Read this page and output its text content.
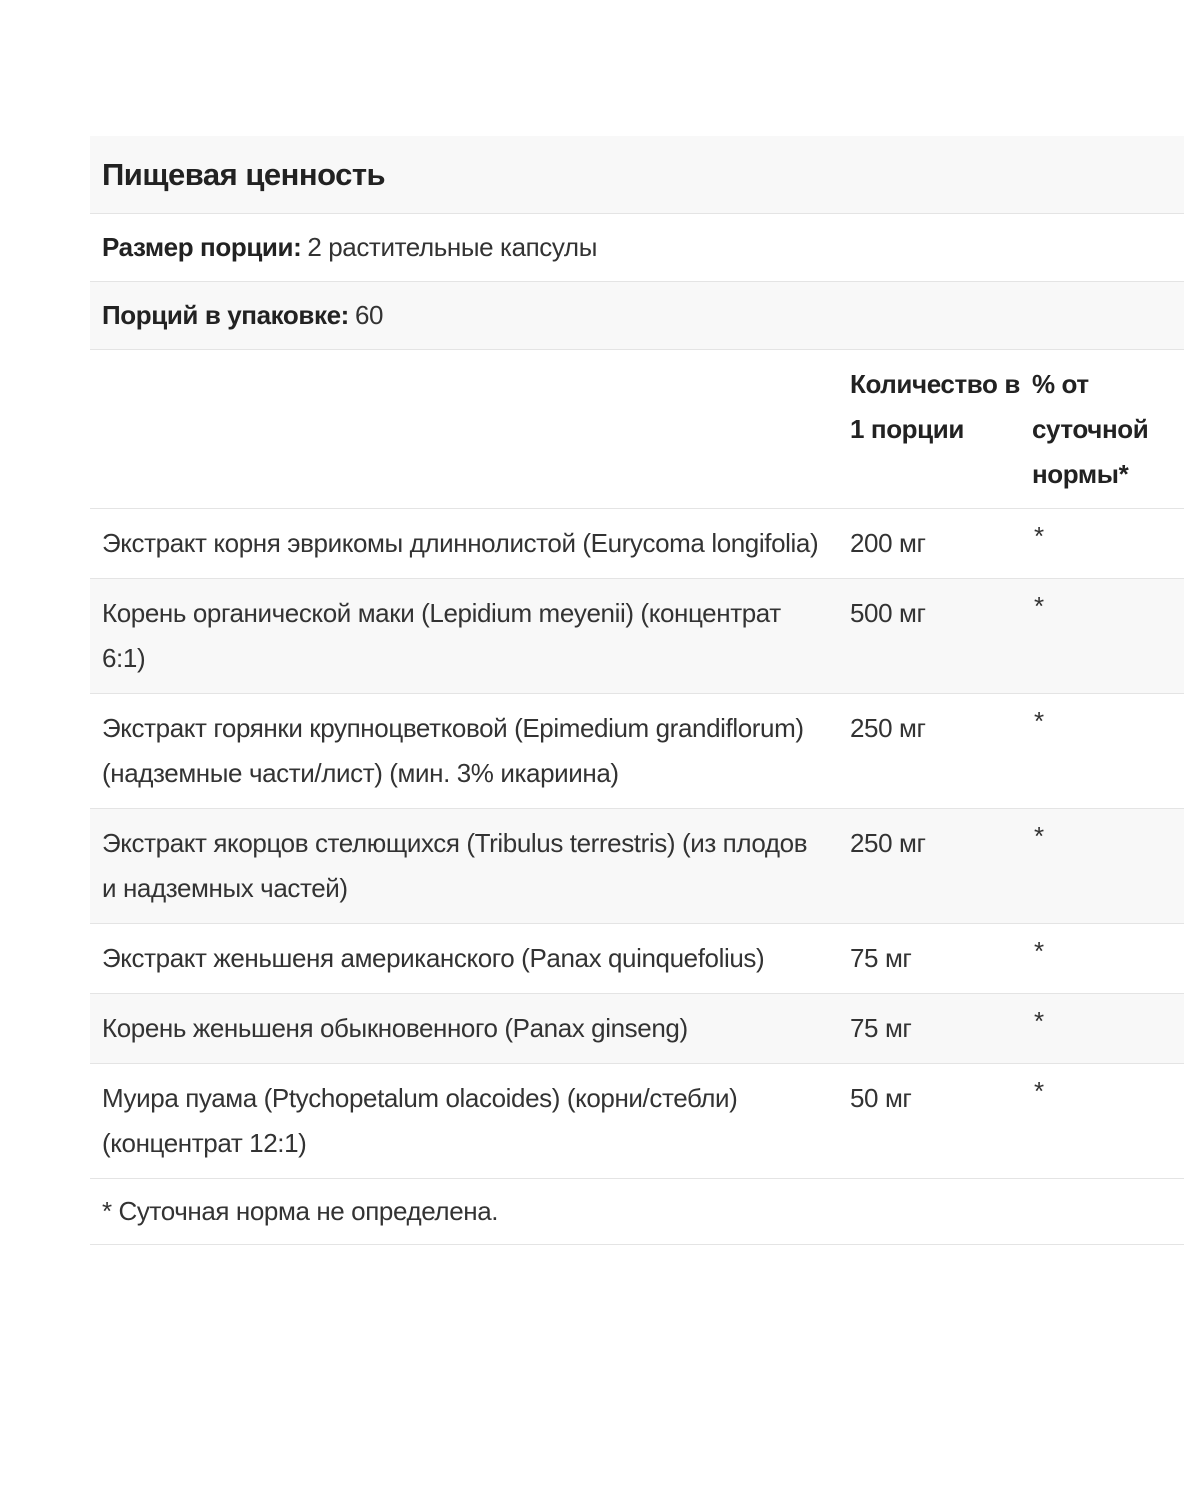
Пищевая ценность
Размер порции: 2 растительные капсулы
Порций в упаковке: 60
	Количество в 1 порции	% от суточной нормы*
Экстракт корня эврикомы длиннолистой (Eurycoma longifolia)	200 мг	*
Корень органической маки (Lepidium meyenii) (концентрат 6:1)	500 мг	*
Экстракт горянки крупноцветковой (Epimedium grandiflorum) (надземные части/лист) (мин. 3% икариина)	250 мг	*
Экстракт якорцов стелющихся (Tribulus terrestris) (из плодов и надземных частей)	250 мг	*
Экстракт женьшеня американского (Panax quinquefolius)	75 мг	*
Корень женьшеня обыкновенного (Panax ginseng)	75 мг	*
Муира пуама (Ptychopetalum olacoides) (корни/стебли) (концентрат 12:1)	50 мг	*
* Суточная норма не определена.
